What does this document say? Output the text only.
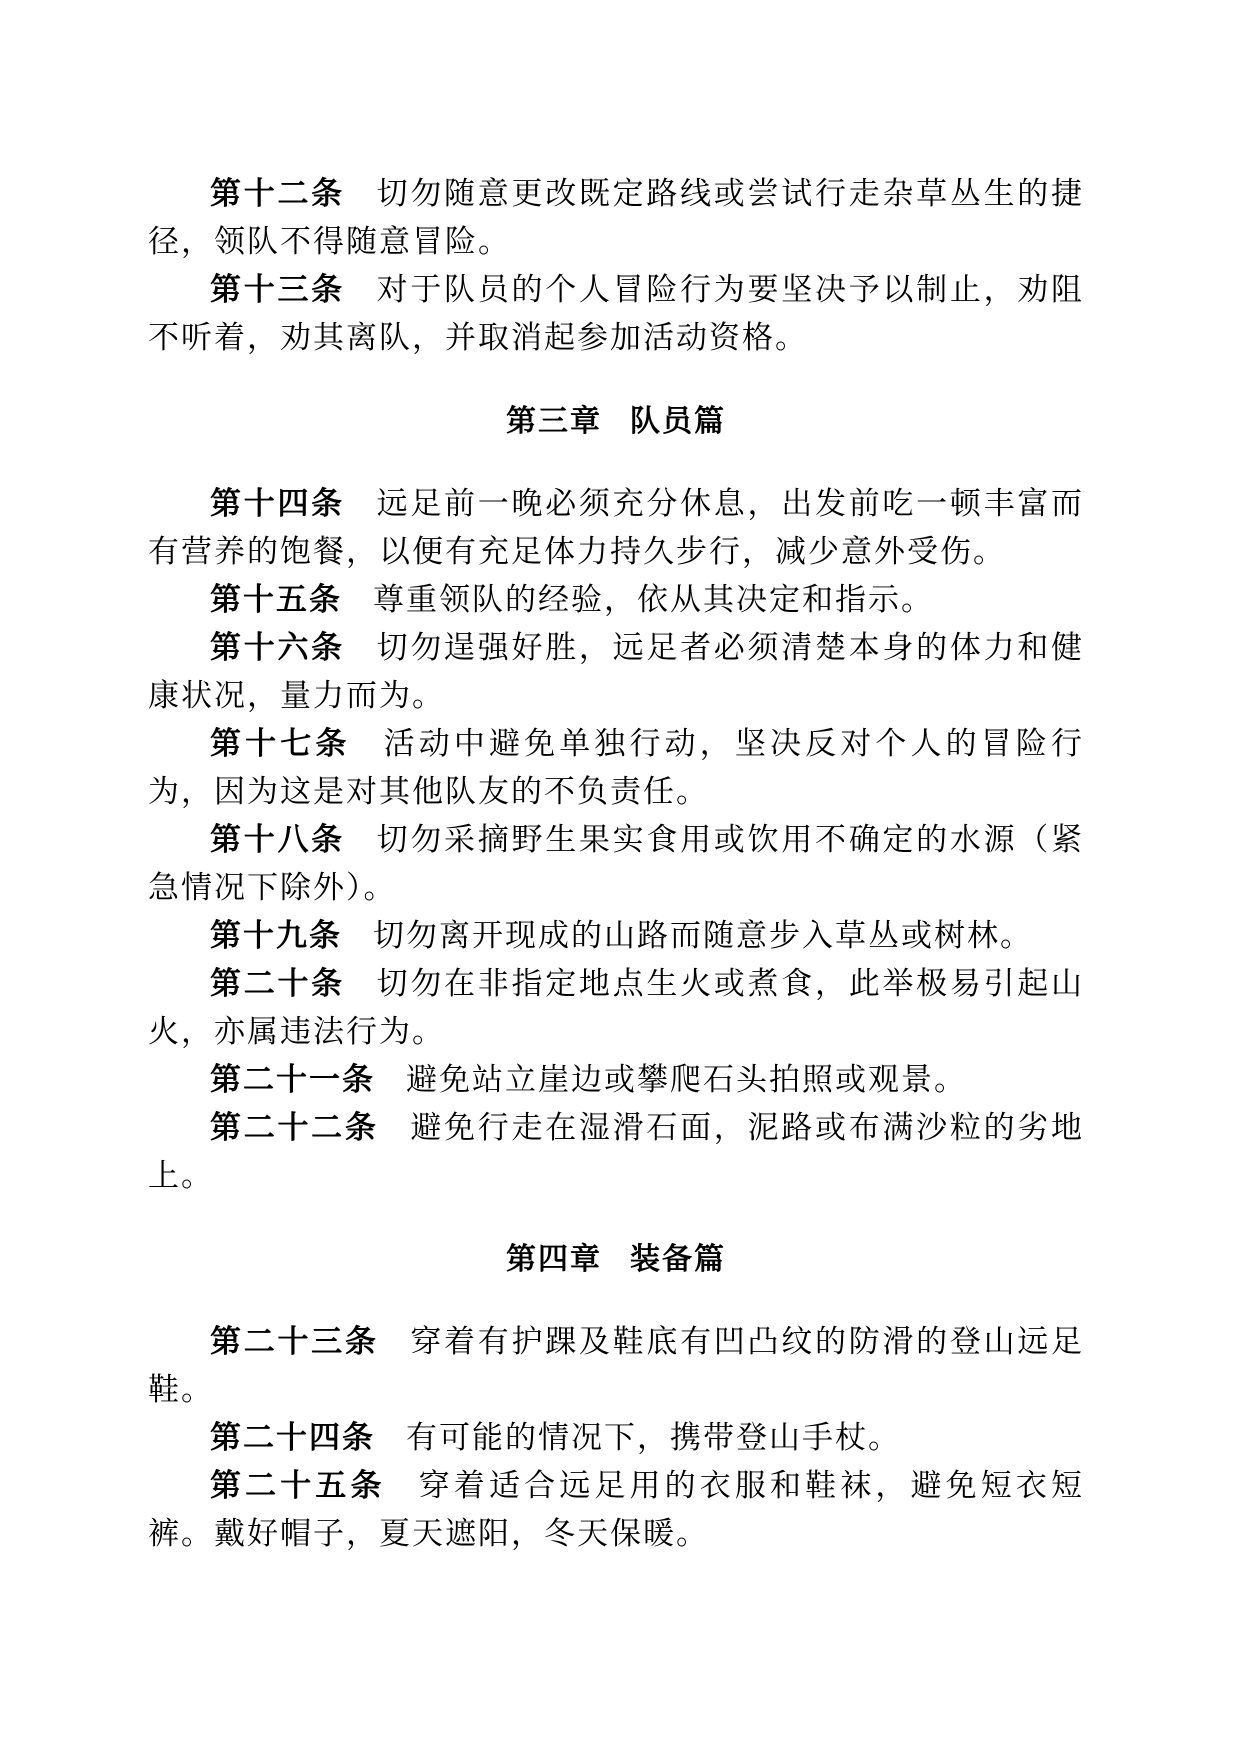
第十二条 切勿随意更改既定路线或尝试行走杂草丛生的捷径，领队不得随意冒险。

第十三条 对于队员的个人冒险行为要坚决予以制止，劝阻不听着，劝其离队，并取消起参加活动资格。

第三章 队员篇

第十四条 远足前一晚必须充分休息，出发前吃一顿丰富而有营养的饱餐，以便有充足体力持久步行，减少意外受伤。

第十五条 尊重领队的经验，依从其决定和指示。

第十六条 切勿逞强好胜，远足者必须清楚本身的体力和健康状况，量力而为。

第十七条 活动中避免单独行动，坚决反对个人的冒险行为，因为这是对其他队友的不负责任。

第十八条 切勿采摘野生果实食用或饮用不确定的水源（紧急情况下除外）。

第十九条 切勿离开现成的山路而随意步入草丛或树林。

第二十条 切勿在非指定地点生火或煮食，此举极易引起山火，亦属违法行为。

第二十一条 避免站立崖边或攀爬石头拍照或观景。

第二十二条 避免行走在湿滑石面，泥路或布满沙粒的劣地上。

第四章 装备篇

第二十三条 穿着有护踝及鞋底有凹凸纹的防滑的登山远足鞋。

第二十四条 有可能的情况下，携带登山手杖。

第二十五条 穿着适合远足用的衣服和鞋袜，避免短衣短裤。戴好帽子，夏天遮阳，冬天保暖。
